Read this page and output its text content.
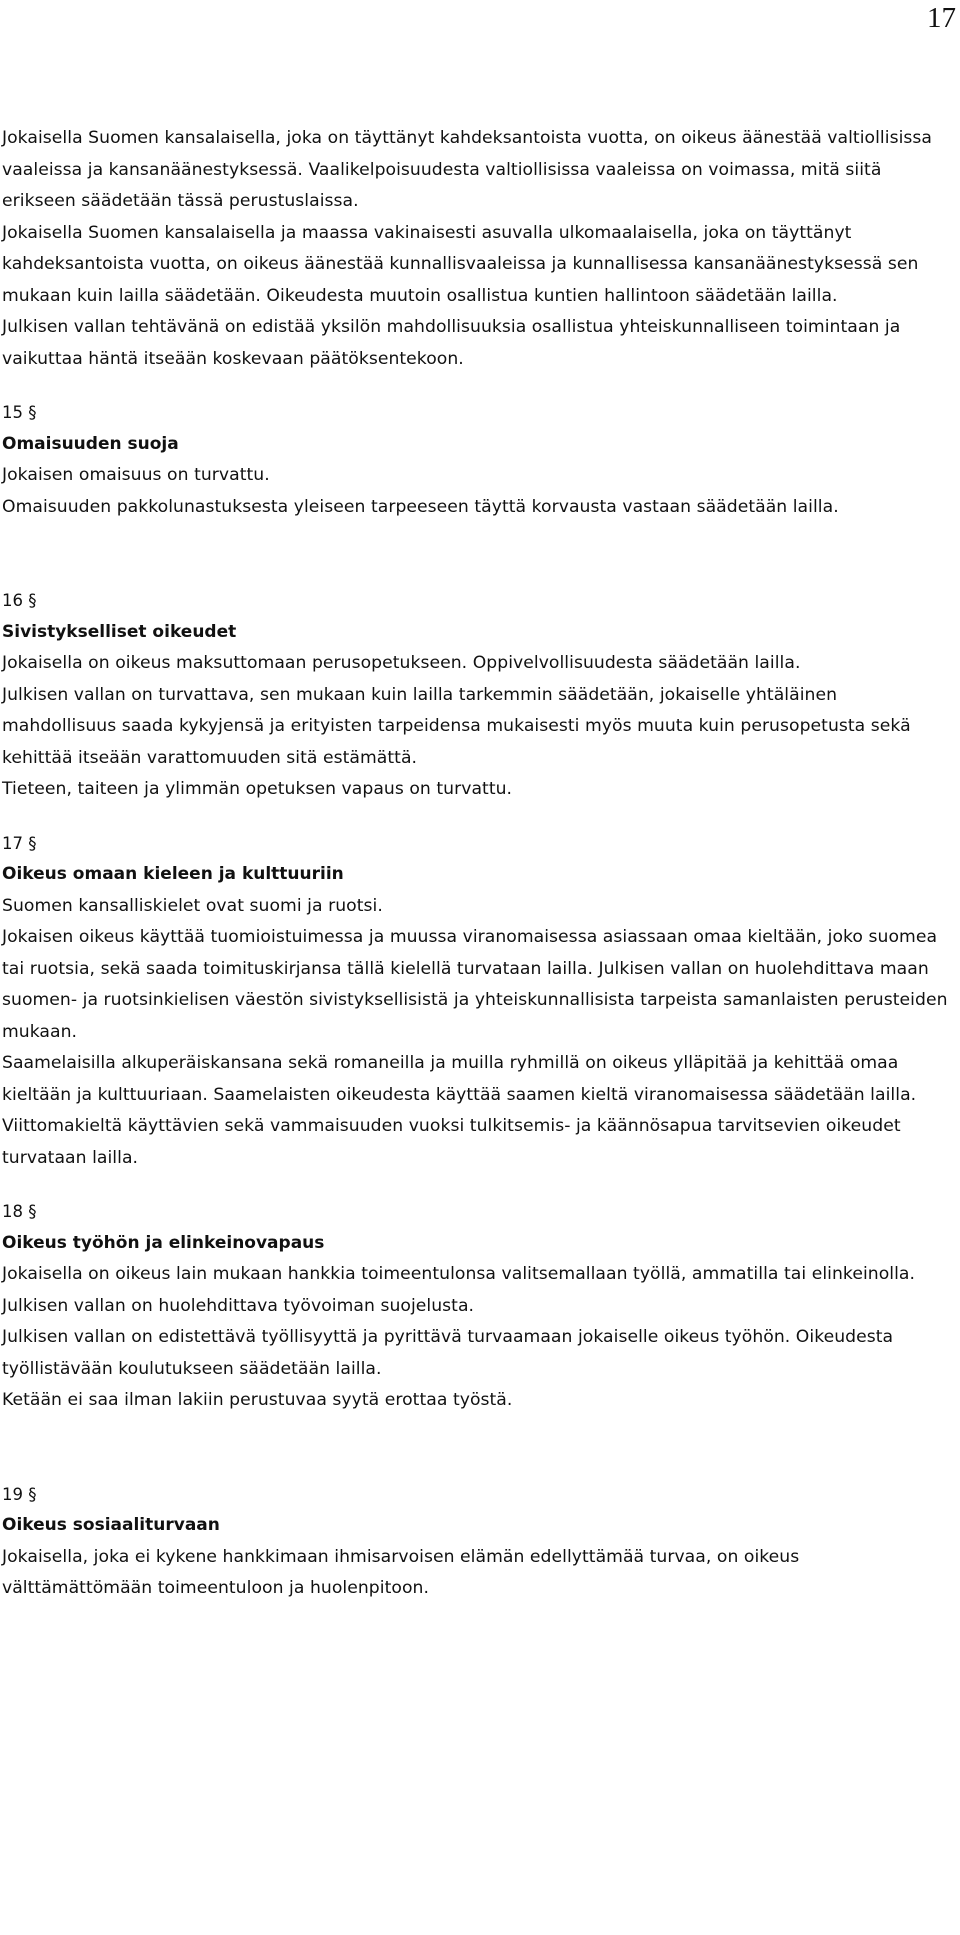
17

Jokaisella Suomen kansalaisella, joka on täyttänyt kahdeksantoista vuotta, on oikeus äänestää valtiollisissa vaaleissa ja kansanäänestyksessä. Vaalikelpoisuudesta valtiollisissa vaaleissa on voimassa, mitä siitä erikseen säädetään tässä perustuslaissa.

Jokaisella Suomen kansalaisella ja maassa vakinaisesti asuvalla ulkomaalaisella, joka on täyttänyt kahdeksantoista vuotta, on oikeus äänestää kunnallisvaaleissa ja kunnallisessa kansanäänestyksessä sen mukaan kuin lailla säädetään. Oikeudesta muutoin osallistua kuntien hallintoon säädetään lailla.

Julkisen vallan tehtävänä on edistää yksilön mahdollisuuksia osallistua yhteiskunnalliseen toimintaan ja vaikuttaa häntä itseään koskevaan päätöksentekoon.

15 §

Omaisuuden suoja

Jokaisen omaisuus on turvattu.

Omaisuuden pakkolunastuksesta yleiseen tarpeeseen täyttä korvausta vastaan säädetään lailla.

16 §

Sivistykselliset oikeudet

Jokaisella on oikeus maksuttomaan perusopetukseen. Oppivelvollisuudesta säädetään lailla.

Julkisen vallan on turvattava, sen mukaan kuin lailla tarkemmin säädetään, jokaiselle yhtäläinen mahdollisuus saada kykyjensä ja erityisten tarpeidensa mukaisesti myös muuta kuin perusopetusta sekä kehittää itseään varattomuuden sitä estämättä.

Tieteen, taiteen ja ylimmän opetuksen vapaus on turvattu.

17 §

Oikeus omaan kieleen ja kulttuuriin

Suomen kansalliskielet ovat suomi ja ruotsi.

Jokaisen oikeus käyttää tuomioistuimessa ja muussa viranomaisessa asiassaan omaa kieltään, joko suomea tai ruotsia, sekä saada toimituskirjansa tällä kielellä turvataan lailla. Julkisen vallan on huolehdittava maan suomen- ja ruotsinkielisen väestön sivistyksellisistä ja yhteiskunnallisista tarpeista samanlaisten perusteiden mukaan.

Saamelaisilla alkuperäiskansana sekä romaneilla ja muilla ryhmillä on oikeus ylläpitää ja kehittää omaa kieltään ja kulttuuriaan. Saamelaisten oikeudesta käyttää saamen kieltä viranomaisessa säädetään lailla. Viittomakieltä käyttävien sekä vammaisuuden vuoksi tulkitsemis- ja käännösapua tarvitsevien oikeudet turvataan lailla.

18 §

Oikeus työhön ja elinkeinovapaus

Jokaisella on oikeus lain mukaan hankkia toimeentulonsa valitsemallaan työllä, ammatilla tai elinkeinolla. Julkisen vallan on huolehdittava työvoiman suojelusta.

Julkisen vallan on edistettävä työllisyyttä ja pyrittävä turvaamaan jokaiselle oikeus työhön. Oikeudesta työllistävään koulutukseen säädetään lailla.

Ketään ei saa ilman lakiin perustuvaa syytä erottaa työstä.

19 §

Oikeus sosiaaliturvaan

Jokaisella, joka ei kykene hankkimaan ihmisarvoisen elämän edellyttämää turvaa, on oikeus välttämättömään toimeentuloon ja huolenpitoon.
